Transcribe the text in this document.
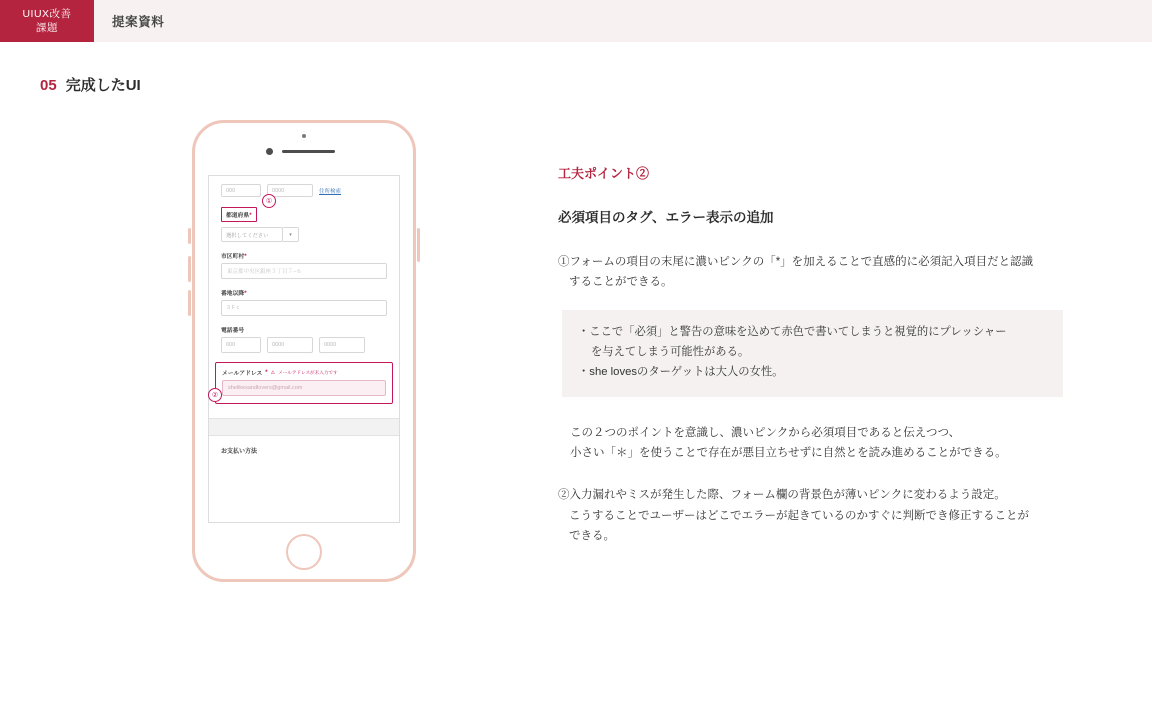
UIUX改善
課題	提案資料
05 完成したUI
①
②
000	0000	住所検索
都道府県*
選択してください	▾
市区町村*
東京都中央区銀座３丁目７−６
番地以降*
3 F c
電話番号
000	0000	0000
メールアドレス * ⚠ メールアドレスが未入力です
shelikesandlovers@gmail.com
お支払い方法
工夫ポイント②
必須項目のタグ、エラー表示の追加
①フォームの項目の末尾に濃いピンクの「*」を加えることで直感的に必須記入項目だと認識
することができる。
・ここで「必須」と警告の意味を込めて赤色で書いてしまうと視覚的にプレッシャー
を与えてしまう可能性がある。
・she lovesのターゲットは大人の女性。
この２つのポイントを意識し、濃いピンクから必須項目であると伝えつつ、
小さい「＊」を使うことで存在が悪目立ちせずに自然とを読み進めることができる。
②入力漏れやミスが発生した際、フォーム欄の背景色が薄いピンクに変わるよう設定。
こうすることでユーザーはどこでエラーが起きているのかすぐに判断でき修正することが
できる。
